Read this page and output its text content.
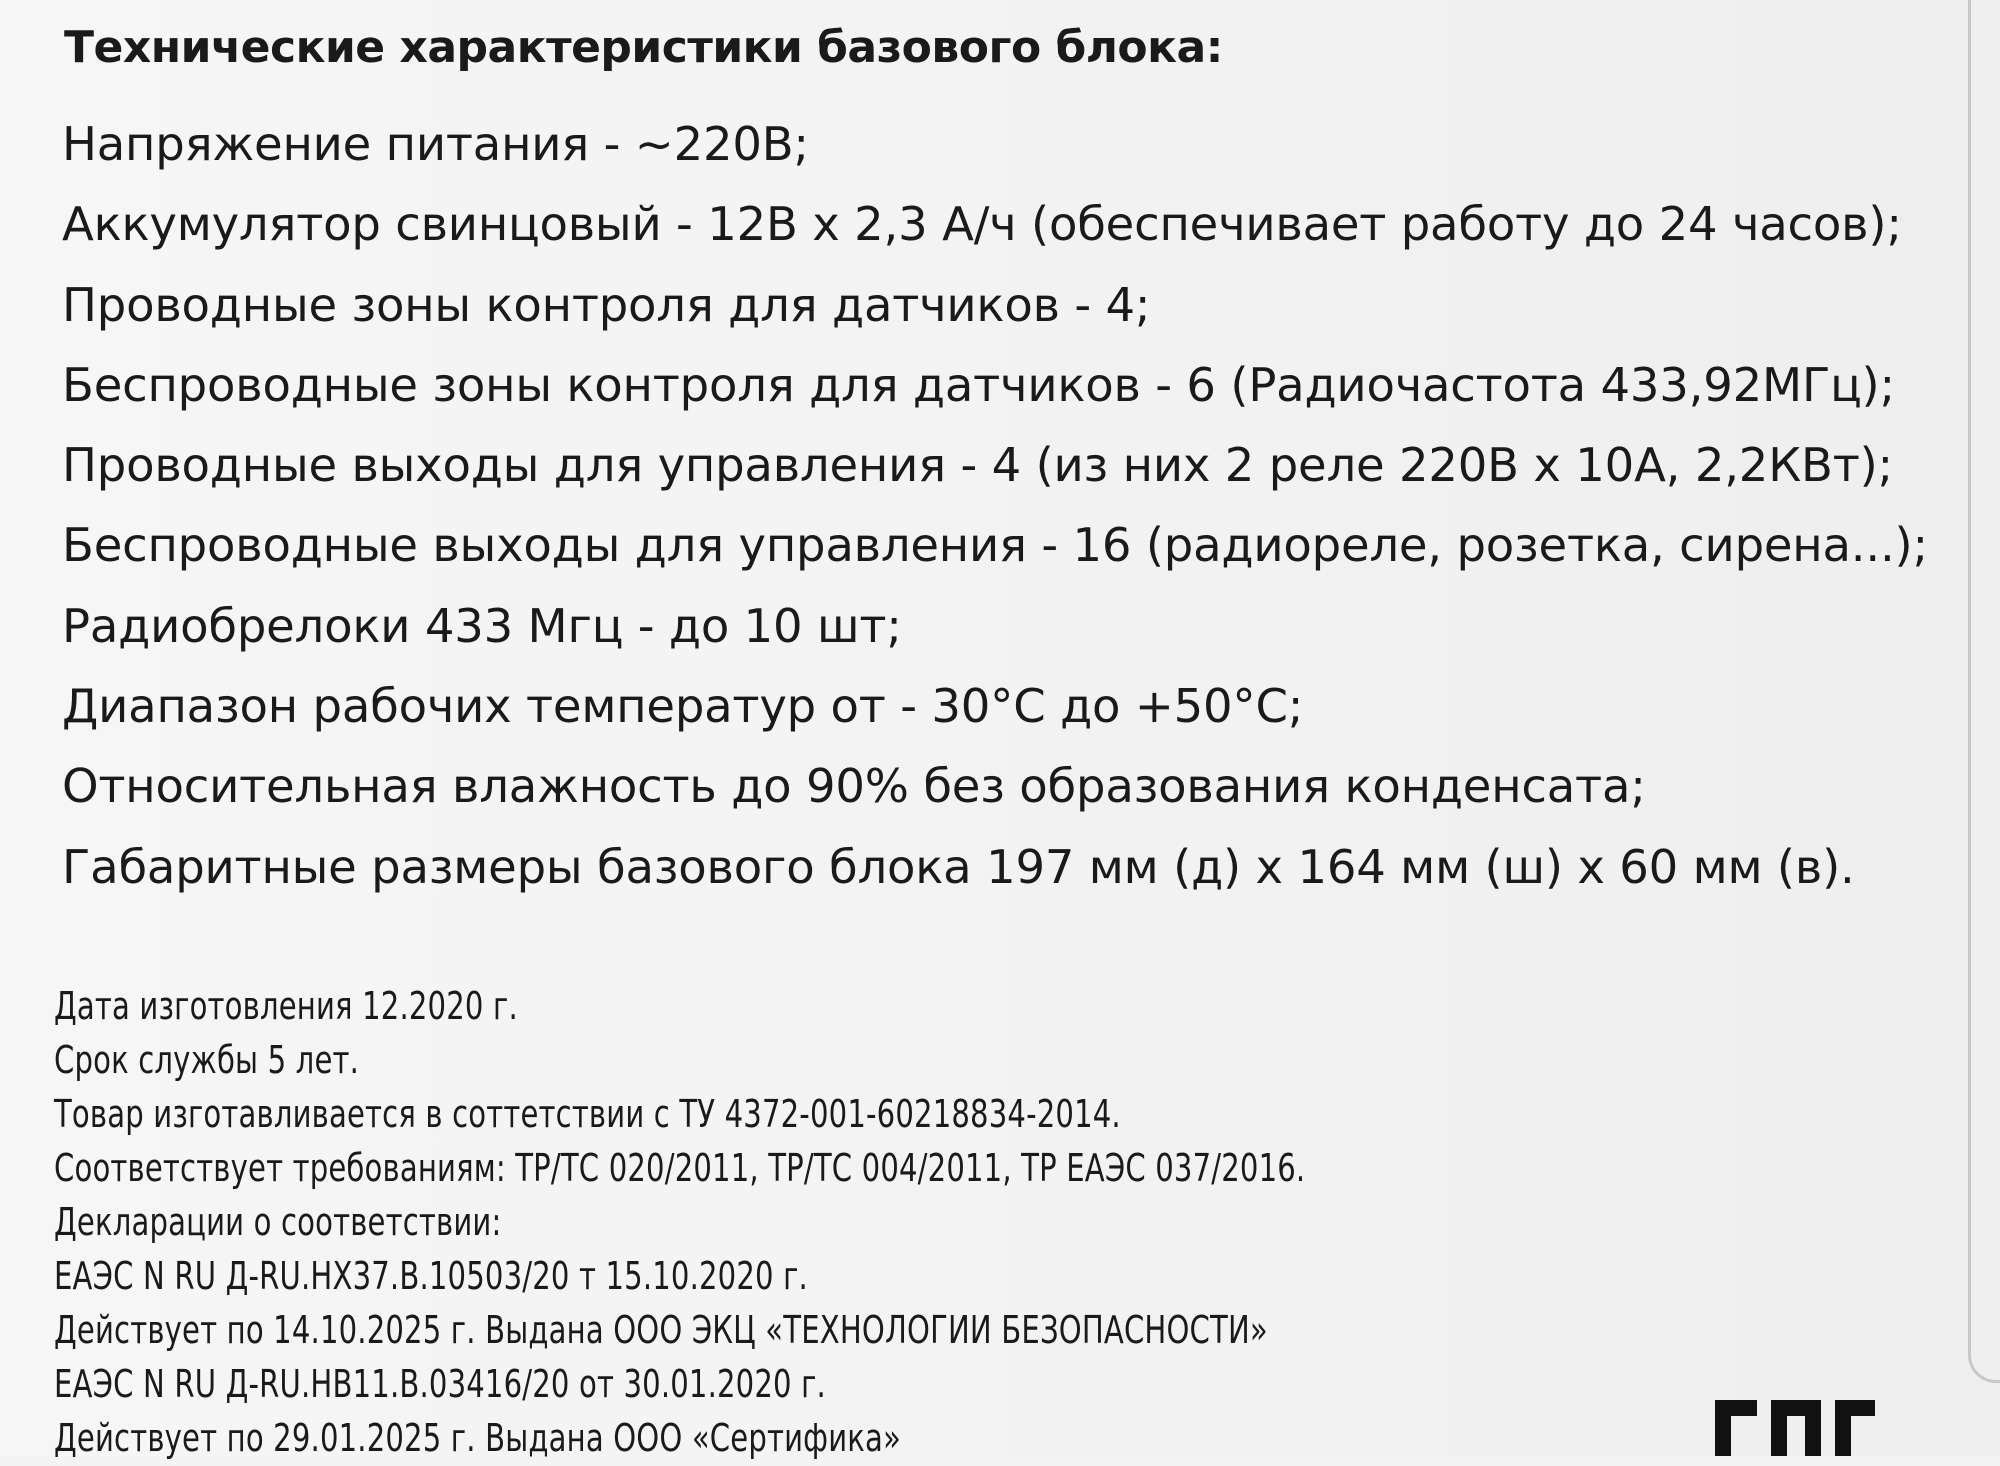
Технические характеристики базового блока:
Напряжение питания - ~220В;
Аккумулятор свинцовый - 12В х 2,3 А/ч (обеспечивает работу до 24 часов);
Проводные зоны контроля для датчиков - 4;
Беспроводные зоны контроля для датчиков - 6 (Радиочастота 433,92МГц);
Проводные выходы для управления - 4 (из них 2 реле 220В х 10А, 2,2КВт);
Беспроводные выходы для управления - 16 (радиореле, розетка, сирена...);
Радиобрелоки 433 Мгц - до 10 шт;
Диапазон рабочих температур от - 30°С до +50°С;
Относительная влажность до 90% без образования конденсата;
Габаритные размеры базового блока 197 мм (д) х 164 мм (ш) х 60 мм (в).
Дата изготовления 12.2020 г.
Срок службы 5 лет.
Товар изготавливается в соттетствии с ТУ 4372-001-60218834-2014.
Соответствует требованиям: ТР/ТС 020/2011, ТР/ТС 004/2011, ТР ЕАЭС 037/2016.
Декларации о соответствии:
ЕАЭС N RU Д-RU.НХ37.В.10503/20 т 15.10.2020 г.
Действует по 14.10.2025 г. Выдана ООО ЭКЦ «ТЕХНОЛОГИИ БЕЗОПАСНОСТИ»
ЕАЭС N RU Д-RU.НВ11.В.03416/20 от 30.01.2020 г.
Действует по 29.01.2025 г. Выдана ООО «Сертифика»
